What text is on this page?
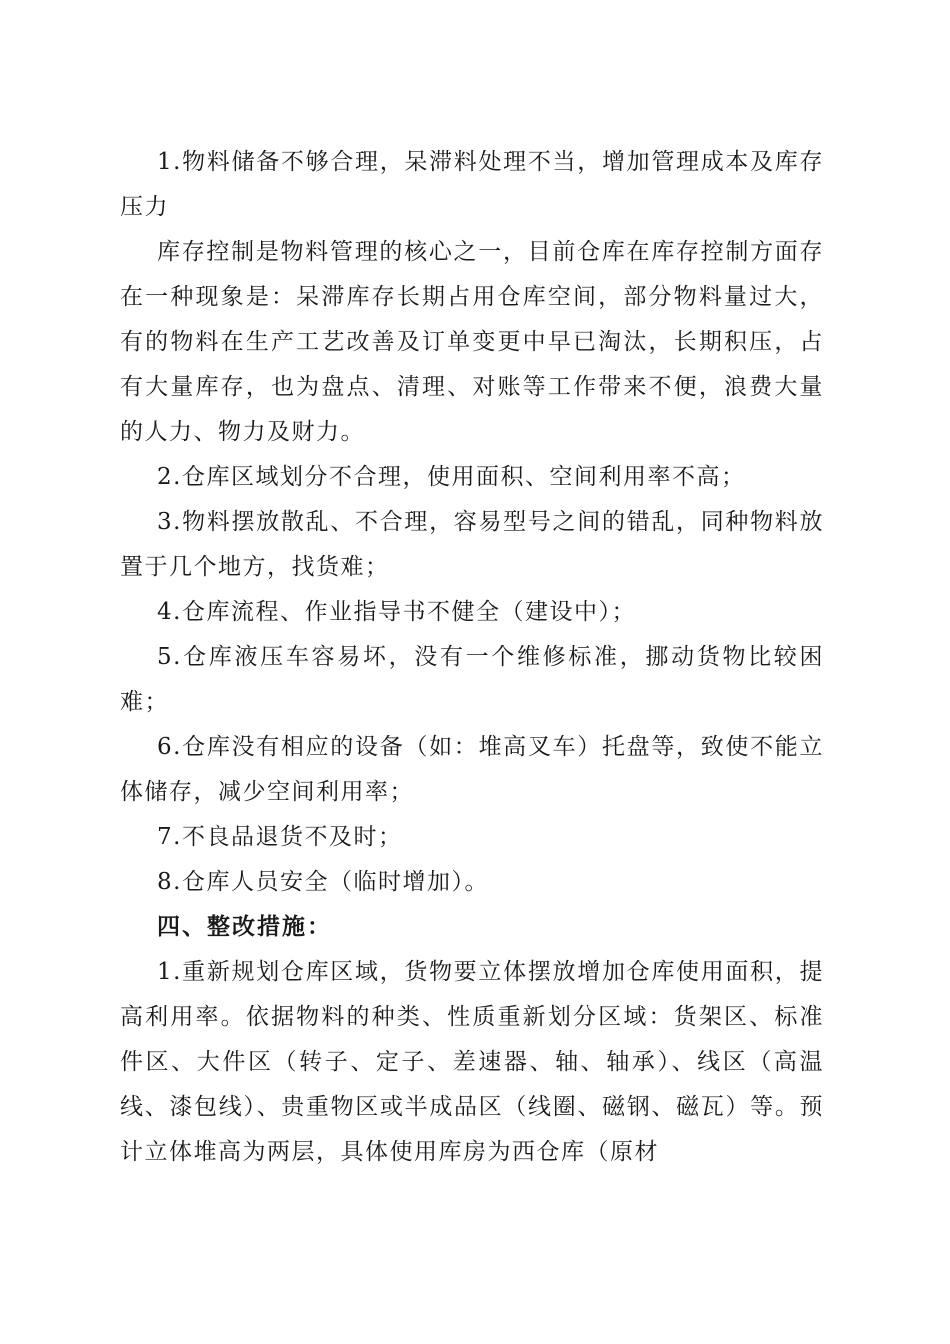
1.物料储备不够合理，呆滞料处理不当，增加管理成本及库存压力

库存控制是物料管理的核心之一，目前仓库在库存控制方面存在一种现象是：呆滞库存长期占用仓库空间，部分物料量过大，有的物料在生产工艺改善及订单变更中早已淘汰，长期积压，占有大量库存，也为盘点、清理、对账等工作带来不便，浪费大量的人力、物力及财力。

2.仓库区域划分不合理，使用面积、空间利用率不高；

3.物料摆放散乱、不合理，容易型号之间的错乱，同种物料放置于几个地方，找货难；

4.仓库流程、作业指导书不健全（建设中）；

5.仓库液压车容易坏，没有一个维修标准，挪动货物比较困难；

6.仓库没有相应的设备（如：堆高叉车）托盘等，致使不能立体储存，减少空间利用率；

7.不良品退货不及时；

8.仓库人员安全（临时增加）。

四、整改措施：

1.重新规划仓库区域，货物要立体摆放增加仓库使用面积，提高利用率。依据物料的种类、性质重新划分区域：货架区、标准件区、大件区（转子、定子、差速器、轴、轴承）、线区（高温线、漆包线）、贵重物区或半成品区（线圈、磁钢、磁瓦）等。预计立体堆高为两层，具体使用库房为西仓库（原材
